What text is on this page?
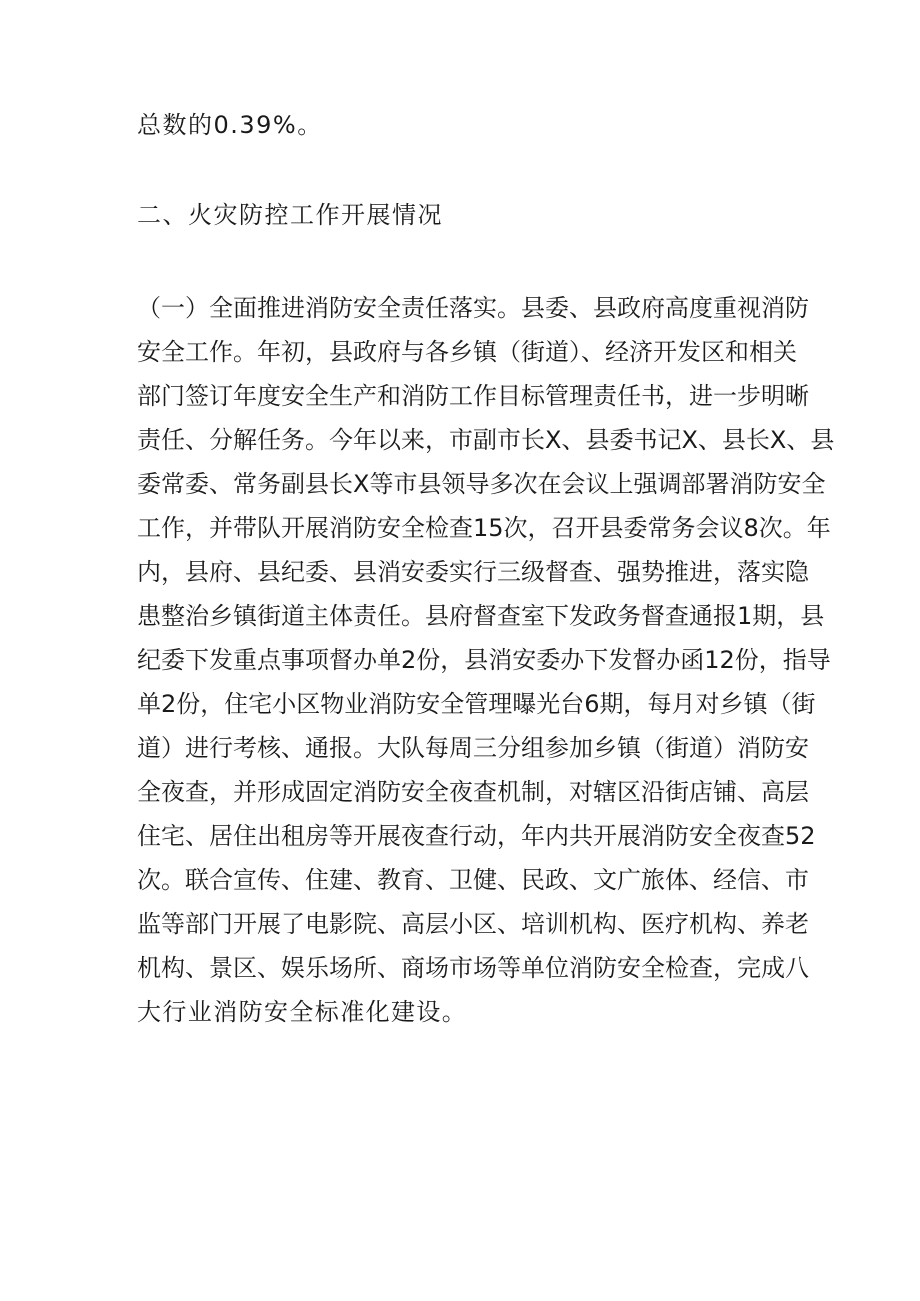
总数的0.39%。
二、火灾防控工作开展情况
（一）全面推进消防安全责任落实。县委、县政府高度重视消防
安全工作。年初，县政府与各乡镇（街道）、经济开发区和相关
部门签订年度安全生产和消防工作目标管理责任书，进一步明晰
责任、分解任务。今年以来，市副市长X、县委书记X、县长X、县
委常委、常务副县长X等市县领导多次在会议上强调部署消防安全
工作，并带队开展消防安全检查15次，召开县委常务会议8次。年
内，县府、县纪委、县消安委实行三级督查、强势推进，落实隐
患整治乡镇街道主体责任。县府督查室下发政务督查通报1期，县
纪委下发重点事项督办单2份，县消安委办下发督办函12份，指导
单2份，住宅小区物业消防安全管理曝光台6期，每月对乡镇（街
道）进行考核、通报。大队每周三分组参加乡镇（街道）消防安
全夜查，并形成固定消防安全夜查机制，对辖区沿街店铺、高层
住宅、居住出租房等开展夜查行动，年内共开展消防安全夜查52
次。联合宣传、住建、教育、卫健、民政、文广旅体、经信、市
监等部门开展了电影院、高层小区、培训机构、医疗机构、养老
机构、景区、娱乐场所、商场市场等单位消防安全检查，完成八
大行业消防安全标准化建设。
